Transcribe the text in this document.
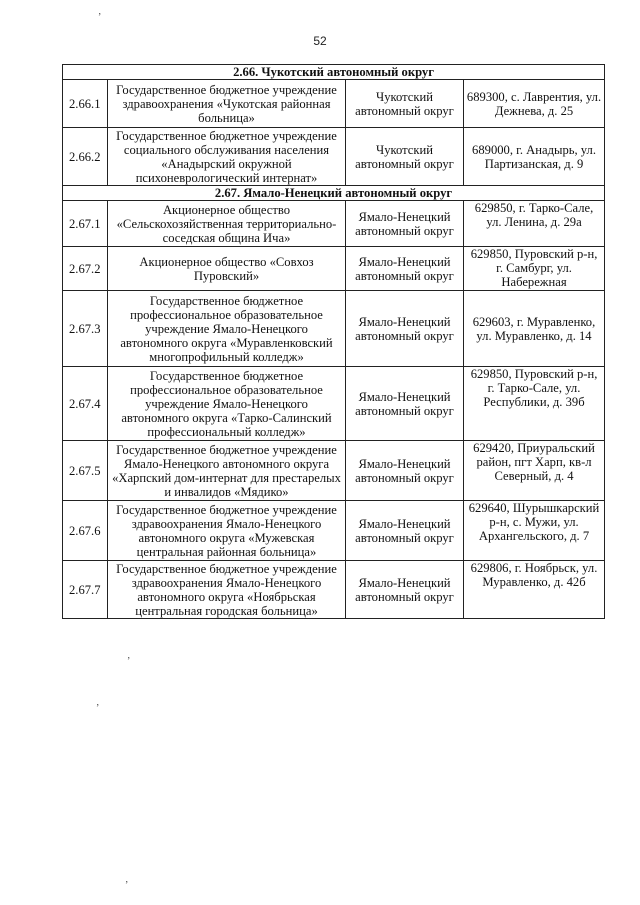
52
2.66. Чукотский автономный округ			
2.66.1	Государственное бюджетное учреждение здравоохранения «Чукотская районная больница»	Чукотский автономный округ	689300, с. Лаврентия, ул. Дежнева, д. 25
2.66.2	Государственное бюджетное учреждение социального обслуживания населения «Анадырский окружной психоневрологический интернат»	Чукотский автономный округ	689000, г. Анадырь, ул. Партизанская, д. 9
2.67. Ямало-Ненецкий автономный округ			
2.67.1	Акционерное общество «Сельскохозяйственная территориально-соседская община Ича»	Ямало-Ненецкий автономный округ	629850, г. Тарко-Сале, ул. Ленина, д. 29а
2.67.2	Акционерное общество «Совхоз Пуровский»	Ямало-Ненецкий автономный округ	629850, Пуровский р-н, г. Самбург, ул. Набережная
2.67.3	Государственное бюджетное профессиональное образовательное учреждение Ямало-Ненецкого автономного округа «Муравленковский многопрофильный колледж»	Ямало-Ненецкий автономный округ	629603, г. Муравленко, ул. Муравленко, д. 14
2.67.4	Государственное бюджетное профессиональное образовательное учреждение Ямало-Ненецкого автономного округа «Тарко-Салинский профессиональный колледж»	Ямало-Ненецкий автономный округ	629850, Пуровский р-н, г. Тарко-Сале, ул. Республики, д. 39б
2.67.5	Государственное бюджетное учреждение Ямало-Ненецкого автономного округа «Харпский дом-интернат для престарелых и инвалидов «Мядико»	Ямало-Ненецкий автономный округ	629420, Приуральский район, пгт Харп, кв-л Северный, д. 4
2.67.6	Государственное бюджетное учреждение здравоохранения Ямало-Ненецкого автономного округа «Мужевская центральная районная больница»	Ямало-Ненецкий автономный округ	629640, Шурышкарский р-н, с. Мужи, ул. Архангельского, д. 7
2.67.7	Государственное бюджетное учреждение здравоохранения Ямало-Ненецкого автономного округа «Ноябрьская центральная городская больница»	Ямало-Ненецкий автономный округ	629806, г. Ноябрьск, ул. Муравленко, д. 42б
ʼ
ʼ
ʼ
ʼ
